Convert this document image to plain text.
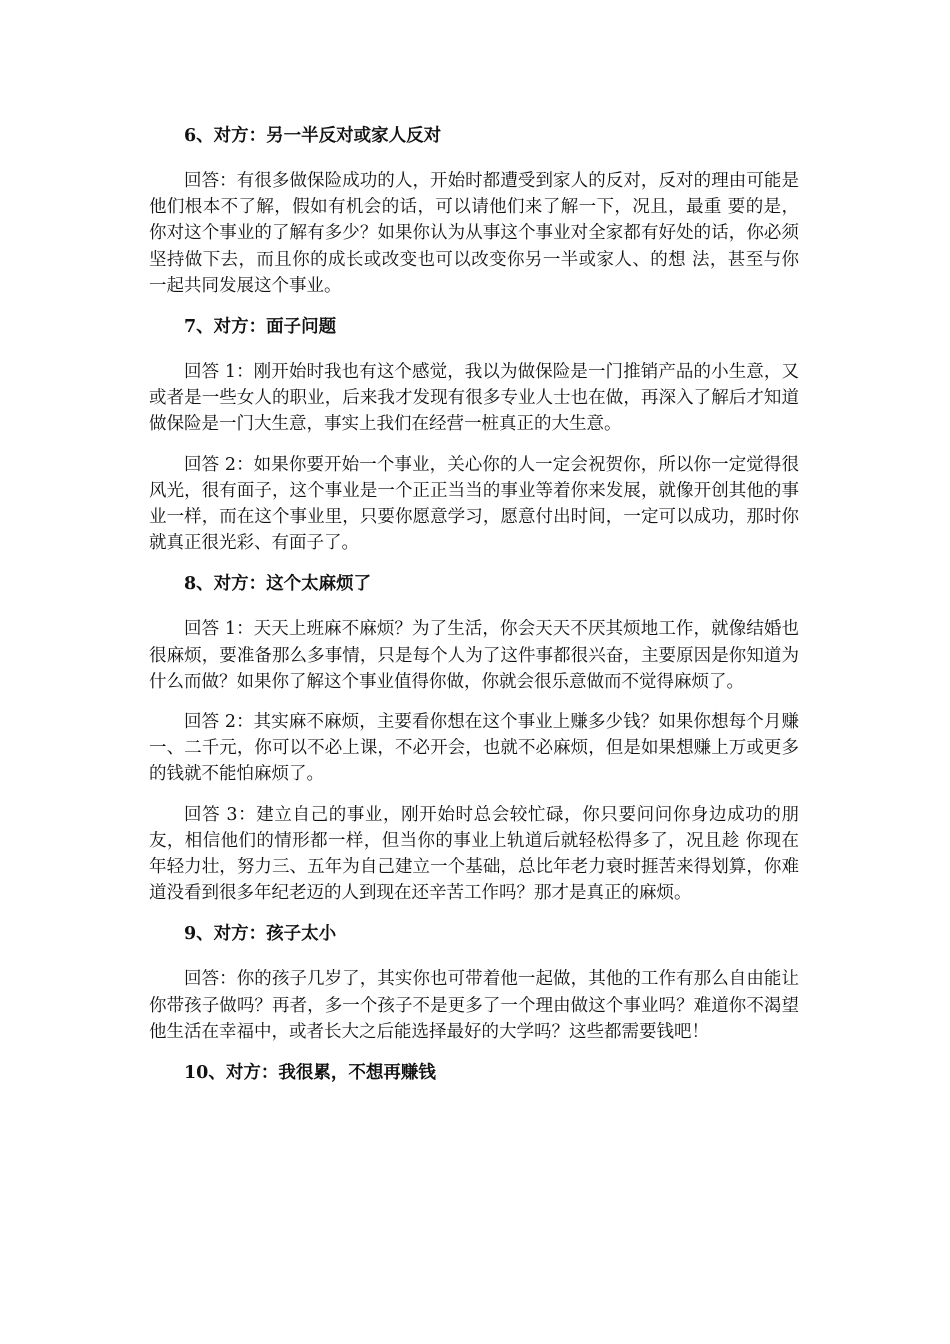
6、对方：另一半反对或家人反对

回答：有很多做保险成功的人，开始时都遭受到家人的反对，反对的理由可能是他们根本不了解，假如有机会的话，可以请他们来了解一下，况且，最重 要的是，你对这个事业的了解有多少？如果你认为从事这个事业对全家都有好处的话，你必须坚持做下去，而且你的成长或改变也可以改变你另一半或家人、的想 法，甚至与你一起共同发展这个事业。

7、对方：面子问题

回答 1：刚开始时我也有这个感觉，我以为做保险是一门推销产品的小生意，又或者是一些女人的职业，后来我才发现有很多专业人士也在做，再深入了解后才知道做保险是一门大生意，事实上我们在经营一桩真正的大生意。

回答 2：如果你要开始一个事业，关心你的人一定会祝贺你，所以你一定觉得很风光，很有面子，这个事业是一个正正当当的事业等着你来发展，就像开创其他的事业一样，而在这个事业里，只要你愿意学习，愿意付出时间，一定可以成功，那时你就真正很光彩、有面子了。

8、对方：这个太麻烦了

回答 1：天天上班麻不麻烦？为了生活，你会天天不厌其烦地工作，就像结婚也很麻烦，要准备那么多事情，只是每个人为了这件事都很兴奋，主要原因是你知道为什么而做？如果你了解这个事业值得你做，你就会很乐意做而不觉得麻烦了。

回答 2：其实麻不麻烦，主要看你想在这个事业上赚多少钱？如果你想每个月赚一、二千元，你可以不必上课，不必开会，也就不必麻烦，但是如果想赚上万或更多的钱就不能怕麻烦了。

回答 3：建立自己的事业，刚开始时总会较忙碌，你只要问问你身边成功的朋友，相信他们的情形都一样，但当你的事业上轨道后就轻松得多了，况且趁 你现在年轻力壮，努力三、五年为自己建立一个基础，总比年老力衰时捱苦来得划算，你难道没看到很多年纪老迈的人到现在还辛苦工作吗？那才是真正的麻烦。

9、对方：孩子太小

回答：你的孩子几岁了，其实你也可带着他一起做，其他的工作有那么自由能让你带孩子做吗？再者，多一个孩子不是更多了一个理由做这个事业吗？难道你不渴望他生活在幸福中，或者长大之后能选择最好的大学吗？这些都需要钱吧！

10、对方：我很累，不想再赚钱
